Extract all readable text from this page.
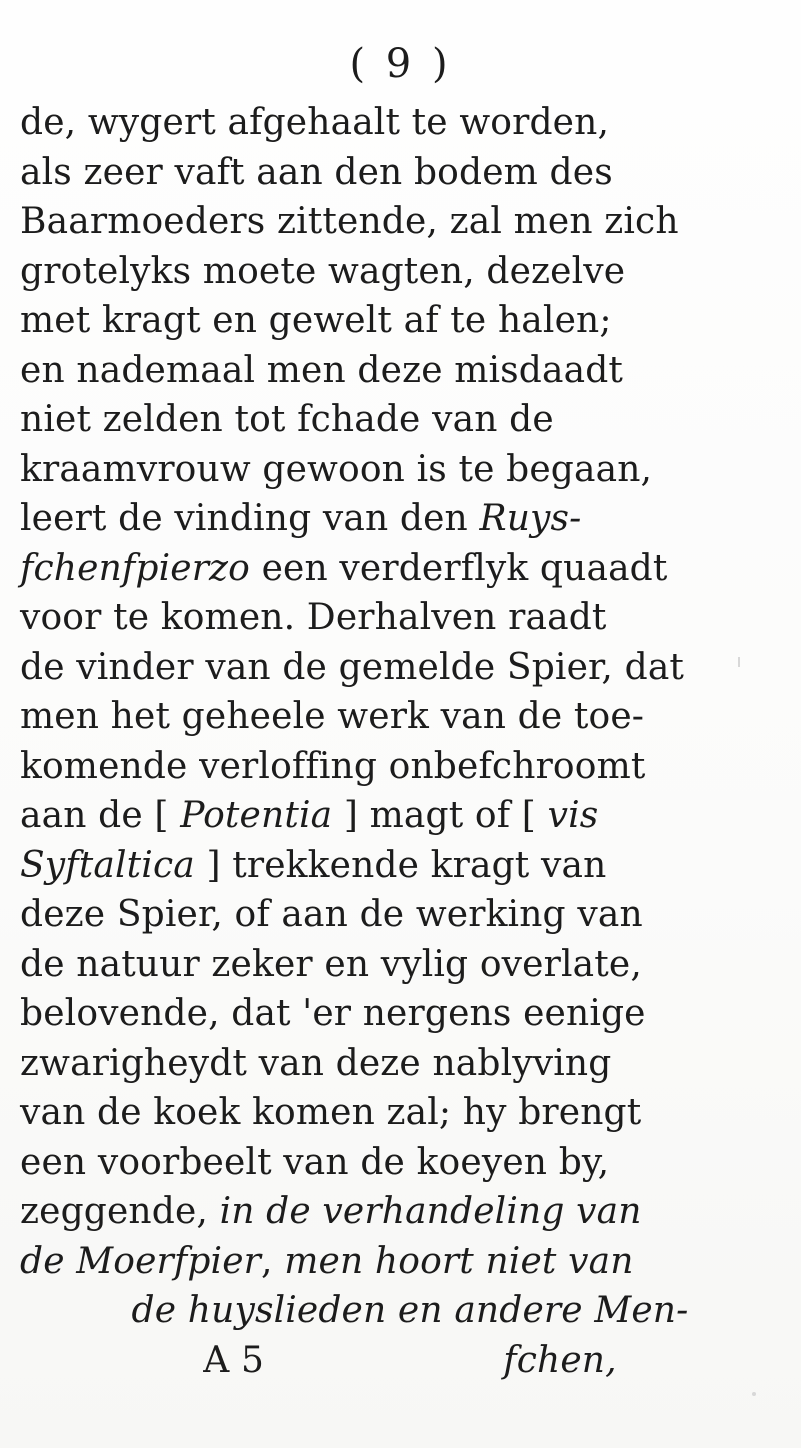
( 9 )
de, wygert afgehaalt te worden,
als zeer vaft aan den bodem des
Baarmoeders zittende, zal men zich
grotelyks moete wagten, dezelve
met kragt en gewelt af te halen;
en nademaal men deze misdaadt
niet zelden tot fchade van de
kraamvrouw gewoon is te begaan,
leert de vinding van den Ruys-
fchenfpierzo een verderflyk quaadt
voor te komen. Derhalven raadt
de vinder van de gemelde Spier, dat
men het geheele werk van de toe-
komende verloffing onbefchroomt
aan de [ Potentia ] magt of [ vis
Syftaltica ] trekkende kragt van
deze Spier, of aan de werking van
de natuur zeker en vylig overlate,
belovende, dat 'er nergens eenige
zwarigheydt van deze nablyving
van de koek komen zal; hy brengt
een voorbeelt van de koeyen by,
zeggende, in de verhandeling van
de Moerfpier, men hoort niet van
de huyslieden en andere Men-
A 5	fchen,
